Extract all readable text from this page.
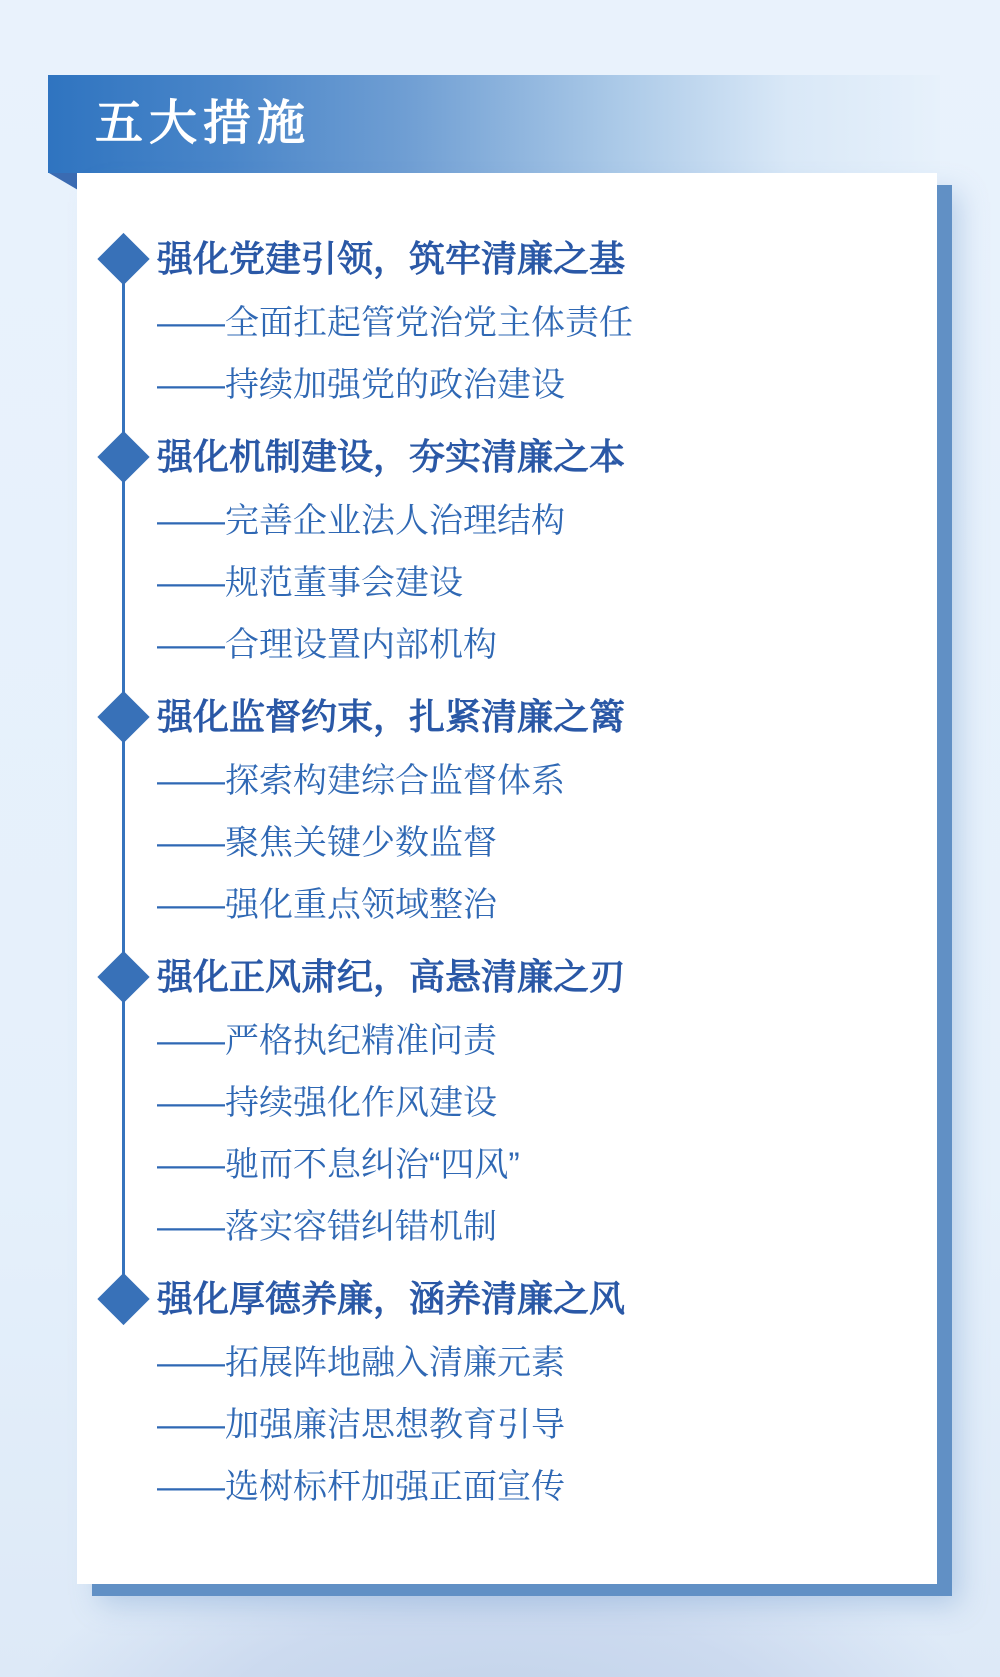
五大措施
强化党建引领，筑牢清廉之基
——全面扛起管党治党主体责任
——持续加强党的政治建设
强化机制建设，夯实清廉之本
——完善企业法人治理结构
——规范董事会建设
——合理设置内部机构
强化监督约束，扎紧清廉之篱
——探索构建综合监督体系
——聚焦关键少数监督
——强化重点领域整治
强化正风肃纪，高悬清廉之刃
——严格执纪精准问责
——持续强化作风建设
——驰而不息纠治“四风”
——落实容错纠错机制
强化厚德养廉，涵养清廉之风
——拓展阵地融入清廉元素
——加强廉洁思想教育引导
——选树标杆加强正面宣传
